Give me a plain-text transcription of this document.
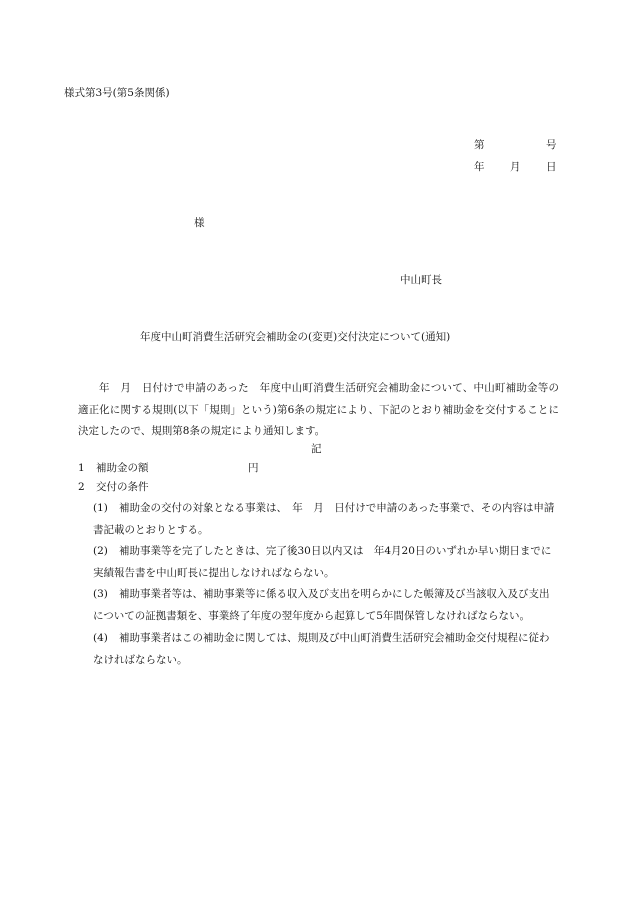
様式第3号(第5条関係)
第	号
年 月 日
様
中山町長
年度中山町消費生活研究会補助金の(変更)交付決定について(通知)
年　月　日付けで申請のあった　年度中山町消費生活研究会補助金について、中山町補助金等の適正化に関する規則(以下「規則」という)第6条の規定により、下記のとおり補助金を交付することに決定したので、規則第8条の規定により通知します。
記
1 補助金の額	円
2 交付の条件
(1)	補助金の交付の対象となる事業は、　年　月　日付けで申請のあった事業で、その内容は申請書記載のとおりとする。
(2)	補助事業等を完了したときは、完了後30日以内又は　年4月20日のいずれか早い期日までに実績報告書を中山町長に提出しなければならない。
(3)	補助事業者等は、補助事業等に係る収入及び支出を明らかにした帳簿及び当該収入及び支出についての証拠書類を、事業終了年度の翌年度から起算して5年間保管しなければならない。
(4)	補助事業者はこの補助金に関しては、規則及び中山町消費生活研究会補助金交付規程に従わなければならない。
